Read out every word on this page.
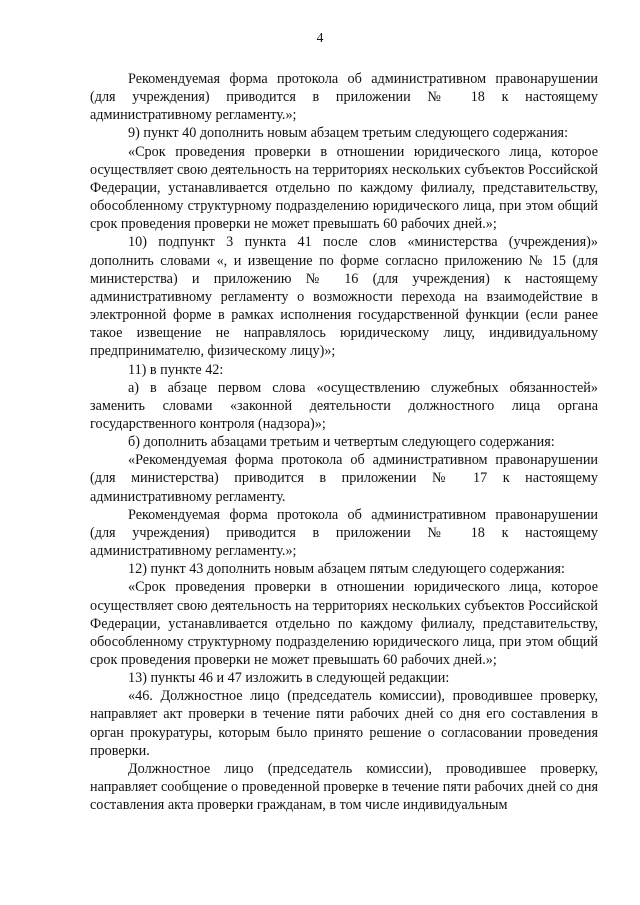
4

Рекомендуемая форма протокола об административном правонарушении (для учреждения) приводится в приложении № 18 к настоящему административному регламенту.»;

9) пункт 40 дополнить новым абзацем третьим следующего содержания:

«Срок проведения проверки в отношении юридического лица, которое осуществляет свою деятельность на территориях нескольких субъектов Российской Федерации, устанавливается отдельно по каждому филиалу, представительству, обособленному структурному подразделению юридического лица, при этом общий срок проведения проверки не может превышать 60 рабочих дней.»;

10) подпункт 3 пункта 41 после слов «министерства (учреждения)» дополнить словами «, и извещение по форме согласно приложению № 15 (для министерства) и приложению № 16 (для учреждения) к настоящему административному регламенту о возможности перехода на взаимодействие в электронной форме в рамках исполнения государственной функции (если ранее такое извещение не направлялось юридическому лицу, индивидуальному предпринимателю, физическому лицу)»;

11) в пункте 42:

а) в абзаце первом слова «осуществлению служебных обязанностей» заменить словами «законной деятельности должностного лица органа государственного контроля (надзора)»;

б) дополнить абзацами третьим и четвертым следующего содержания:

«Рекомендуемая форма протокола об административном правонарушении (для министерства) приводится в приложении № 17 к настоящему административному регламенту.

Рекомендуемая форма протокола об административном правонарушении (для учреждения) приводится в приложении № 18 к настоящему административному регламенту.»;

12) пункт 43 дополнить новым абзацем пятым следующего содержания:

«Срок проведения проверки в отношении юридического лица, которое осуществляет свою деятельность на территориях нескольких субъектов Российской Федерации, устанавливается отдельно по каждому филиалу, представительству, обособленному структурному подразделению юридического лица, при этом общий срок проведения проверки не может превышать 60 рабочих дней.»;

13) пункты 46 и 47 изложить в следующей редакции:

«46. Должностное лицо (председатель комиссии), проводившее проверку, направляет акт проверки в течение пяти рабочих дней со дня его составления в орган прокуратуры, которым было принято решение о согласовании проведения проверки.

Должностное лицо (председатель комиссии), проводившее проверку, направляет сообщение о проведенной проверке в течение пяти рабочих дней со дня составления акта проверки гражданам, в том числе индивидуальным
